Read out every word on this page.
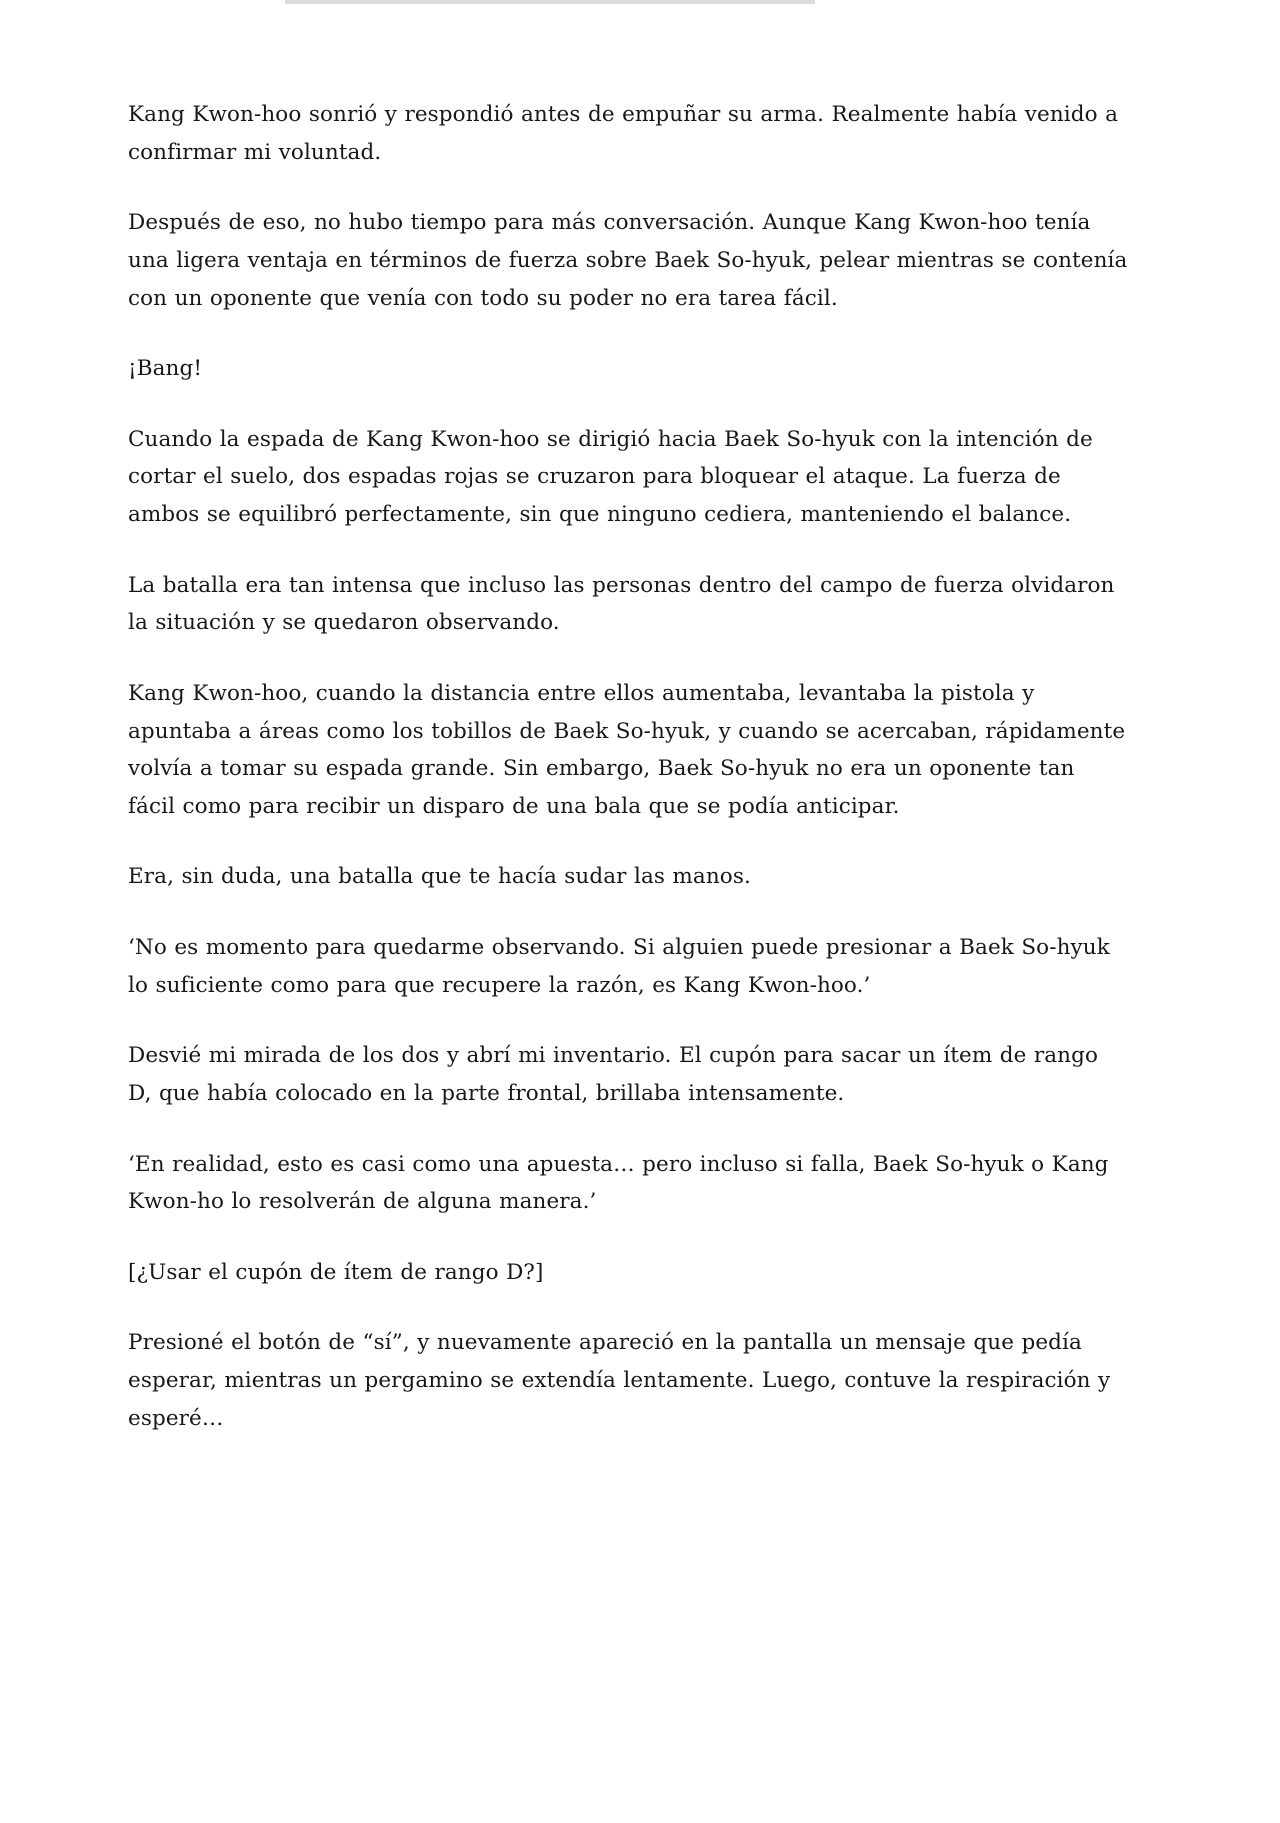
Kang Kwon-hoo sonrió y respondió antes de empuñar su arma. Realmente había venido a confirmar mi voluntad.

Después de eso, no hubo tiempo para más conversación. Aunque Kang Kwon-hoo tenía una ligera ventaja en términos de fuerza sobre Baek So-hyuk, pelear mientras se contenía con un oponente que venía con todo su poder no era tarea fácil.

¡Bang!

Cuando la espada de Kang Kwon-hoo se dirigió hacia Baek So-hyuk con la intención de cortar el suelo, dos espadas rojas se cruzaron para bloquear el ataque. La fuerza de ambos se equilibró perfectamente, sin que ninguno cediera, manteniendo el balance.

La batalla era tan intensa que incluso las personas dentro del campo de fuerza olvidaron la situación y se quedaron observando.

Kang Kwon-hoo, cuando la distancia entre ellos aumentaba, levantaba la pistola y apuntaba a áreas como los tobillos de Baek So-hyuk, y cuando se acercaban, rápidamente volvía a tomar su espada grande. Sin embargo, Baek So-hyuk no era un oponente tan fácil como para recibir un disparo de una bala que se podía anticipar.

Era, sin duda, una batalla que te hacía sudar las manos.

‘No es momento para quedarme observando. Si alguien puede presionar a Baek So-hyuk lo suficiente como para que recupere la razón, es Kang Kwon-hoo.’

Desvié mi mirada de los dos y abrí mi inventario. El cupón para sacar un ítem de rango D, que había colocado en la parte frontal, brillaba intensamente.

‘En realidad, esto es casi como una apuesta… pero incluso si falla, Baek So-hyuk o Kang Kwon-ho lo resolverán de alguna manera.’

[¿Usar el cupón de ítem de rango D?]

Presioné el botón de “sí”, y nuevamente apareció en la pantalla un mensaje que pedía esperar, mientras un pergamino se extendía lentamente. Luego, contuve la respiración y esperé…
